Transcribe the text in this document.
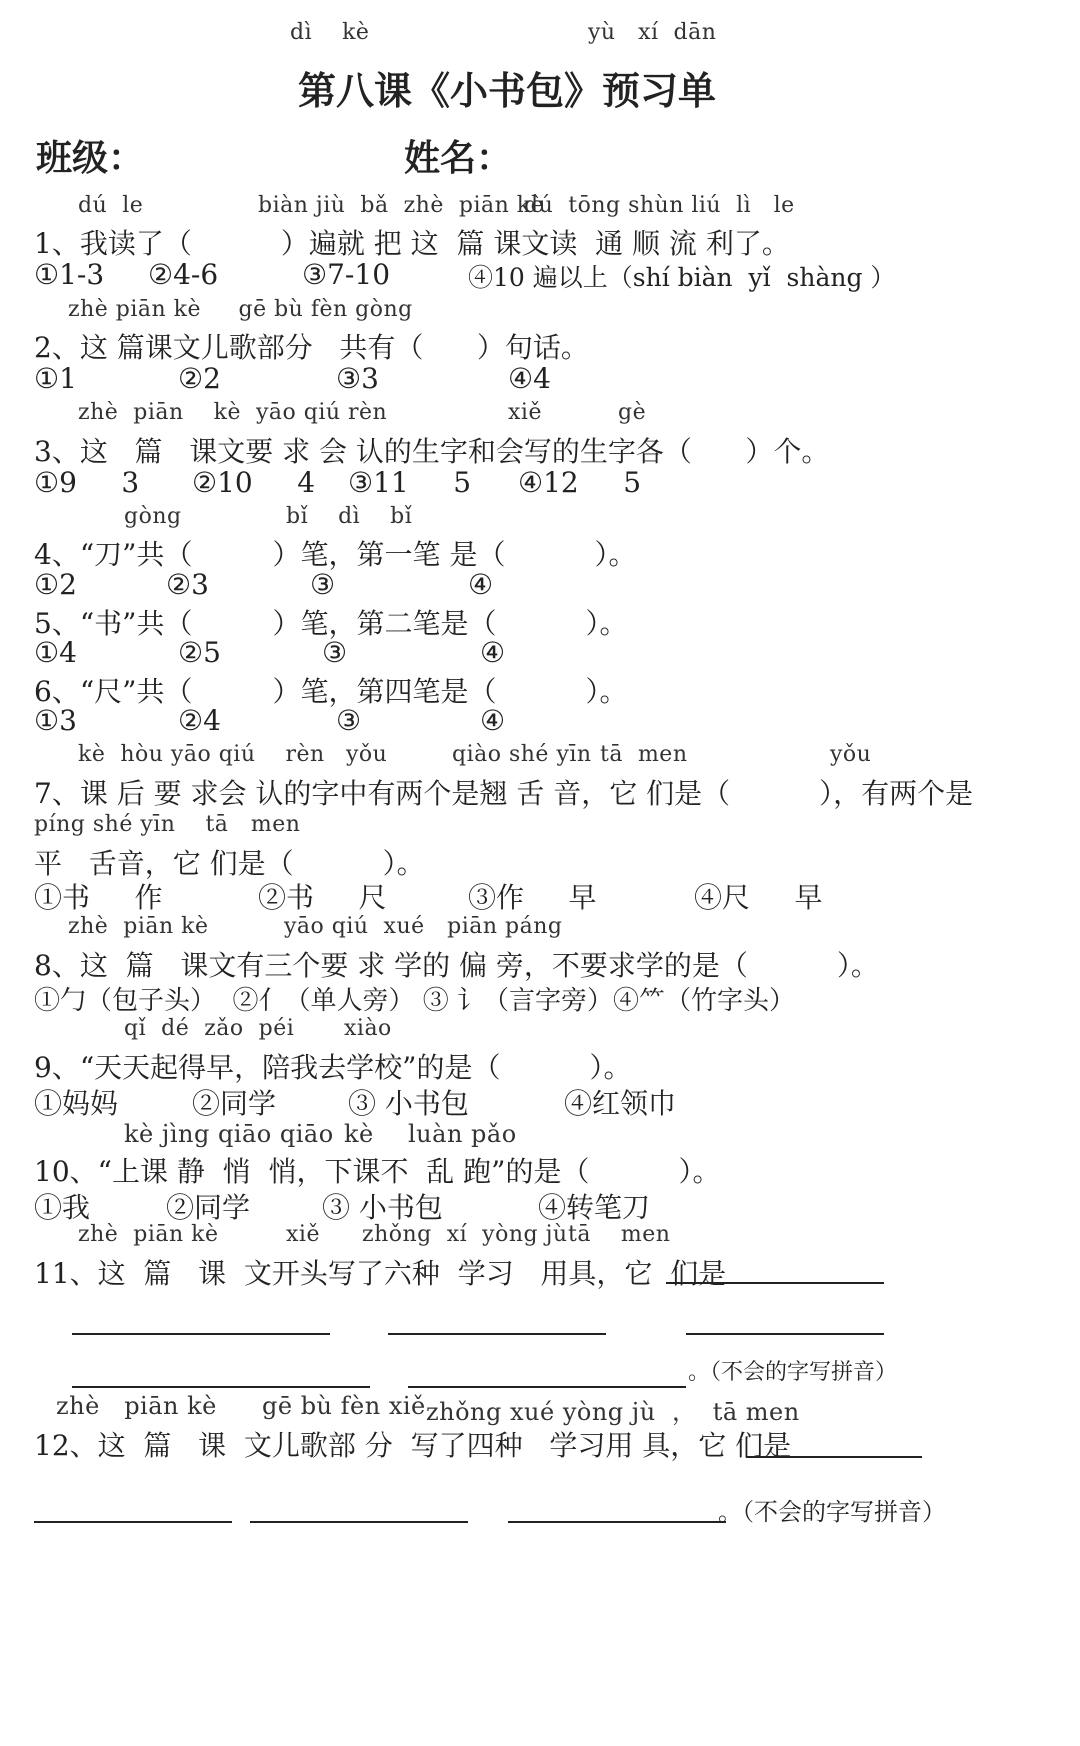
dì    kè	yù   xí  dān
第八课《小书包》预习单
班级：	姓名：
dú  le	biàn jiù  bǎ  zhè  piān kè
dú  tōng shùn liú  lì   le
1、我读了（          ）遍就 把 这  篇 课文读  通 顺 流 利了。
①1-3 ②4-6	③7-10	④10 遍以上（shí biàn  yǐ  shàng ）
zhè piān kè     gē bù fèn gòng
2、这 篇课文儿歌部分   共有（      ）句话。
①1	②2	③3	④4
zhè  piān    kè  yāo qiú rèn	xiě	gè
3、这   篇   课文要 求 会 认的生字和会写的生字各（      ）个。
①9     3 ②10     4 ③11     5 ④12     5
gòng	bǐ    dì    bǐ
4、“刀”共（         ）笔，第一笔 是（          ）。
①2	②3	③	④
5、“书”共（         ）笔，第二笔是（          ）。
①4	②5	③	④
6、“尺”共（         ）笔，第四笔是（          ）。
①3	②4	③	④
kè  hòu yāo qiú    rèn yǒu	qiào shé yīn tā  men	yǒu
7、课 后 要 求会 认的字中有两个是翘 舌 音，它 们是（          ），有两个是
píng shé yīn    tā   men
平   舌音，它 们是（          ）。
①书     作	②书     尺	③作     早	④尺     早
zhè  piān kè	yāo qiú  xué   piān páng
8、这  篇   课文有三个要 求 学的 偏 旁，不要求学的是（          ）。
①勹（包子头）  ②亻（单人旁） ③ 讠（言字旁）④⺮（竹字头）
qǐ  dé  zǎo  péi xiào
9、“天天起得早，陪我去学校”的是（          ）。
①妈妈	②同学	③ 小书包	④红领巾
kè jìng qiāo qiāo kè luàn pǎo
10、“上课 静  悄  悄，下课不  乱 跑”的是（          ）。
①我	②同学	③ 小书包	④转笔刀
zhè  piān kè	xiě zhǒng  xí  yòng jù tā    men
11、这  篇   课  文开头写了六种  学习   用具，它  们是
。（不会的字写拼音）
zhè   piān kè gē bù fèn xiě zhǒng xué yòng jù  ，  tā men
12、这  篇   课  文儿歌部 分  写了四种   学习用 具，它 们是
。（不会的字写拼音）
